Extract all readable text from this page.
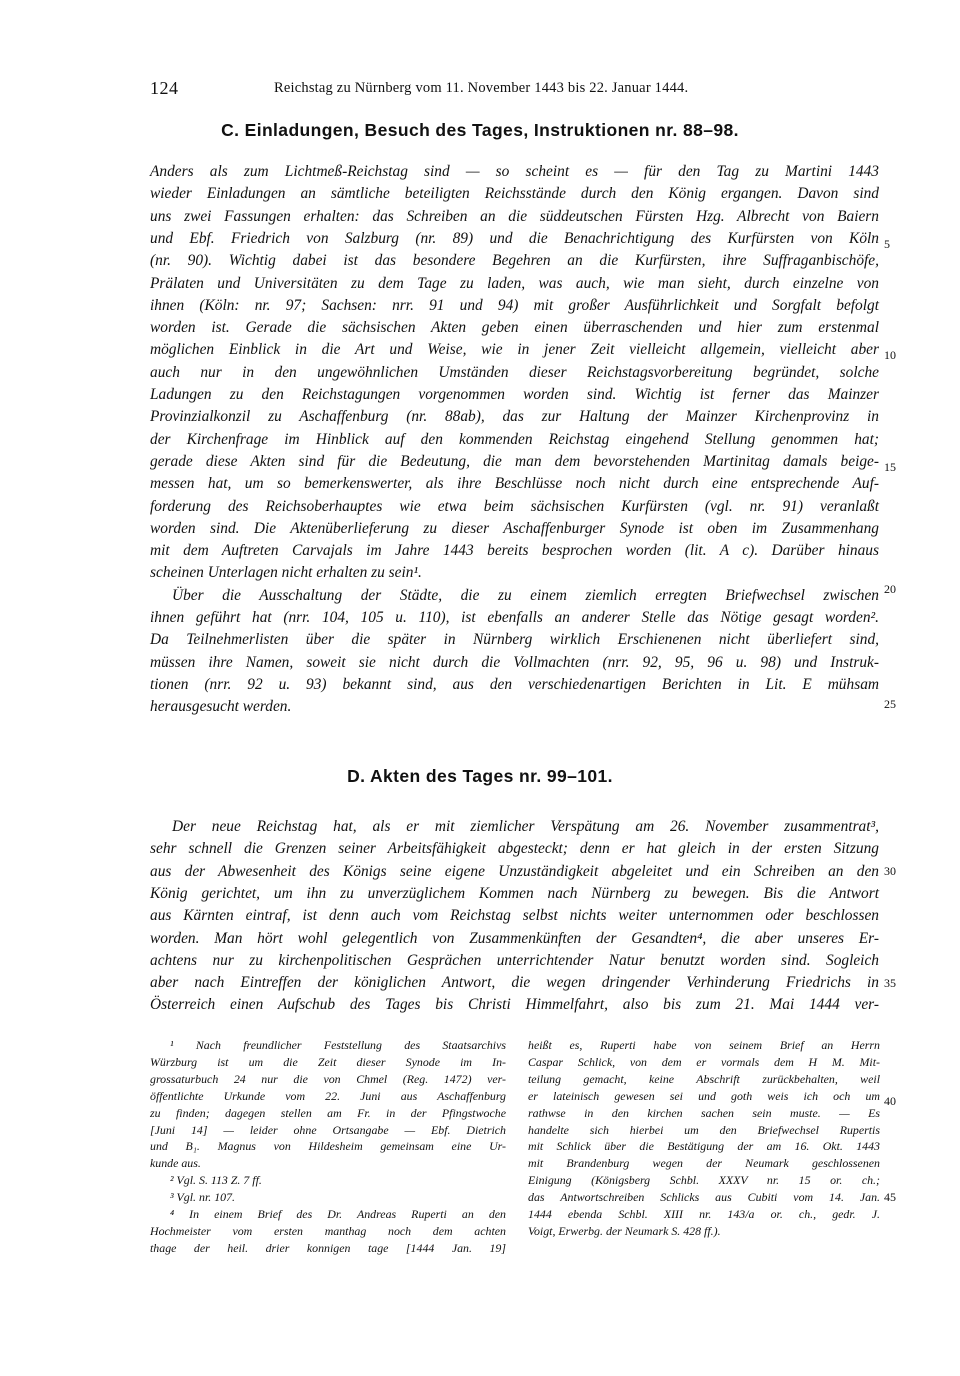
124	Reichstag zu Nürnberg vom 11. November 1443 bis 22. Januar 1444.
C. Einladungen, Besuch des Tages, Instruktionen nr. 88–98.
Anders als zum Lichtmeß-Reichstag sind — so scheint es — für den Tag zu Martini 1443
wieder Einladungen an sämtliche beteiligten Reichsstände durch den König ergangen. Davon sind
uns zwei Fassungen erhalten: das Schreiben an die süddeutschen Fürsten Hzg. Albrecht von Baiern
und Ebf. Friedrich von Salzburg (nr. 89) und die Benachrichtigung des Kurfürsten von Köln
(nr. 90). Wichtig dabei ist das besondere Begehren an die Kurfürsten, ihre Suffraganbischöfe,
Prälaten und Universitäten zu dem Tage zu laden, was auch, wie man sieht, durch einzelne von
ihnen (Köln: nr. 97; Sachsen: nrr. 91 und 94) mit großer Ausführlichkeit und Sorgfalt befolgt
worden ist. Gerade die sächsischen Akten geben einen überraschenden und hier zum erstenmal
möglichen Einblick in die Art und Weise, wie in jener Zeit vielleicht allgemein, vielleicht aber
auch nur in den ungewöhnlichen Umständen dieser Reichstagsvorbereitung begründet, solche
Ladungen zu den Reichstagungen vorgenommen worden sind. Wichtig ist ferner das Mainzer
Provinzialkonzil zu Aschaffenburg (nr. 88ab), das zur Haltung der Mainzer Kirchenprovinz in
der Kirchenfrage im Hinblick auf den kommenden Reichstag eingehend Stellung genommen hat;
gerade diese Akten sind für die Bedeutung, die man dem bevorstehenden Martinitag damals beige-
messen hat, um so bemerkenswerter, als ihre Beschlüsse noch nicht durch eine entsprechende Auf-
forderung des Reichsoberhauptes wie etwa beim sächsischen Kurfürsten (vgl. nr. 91) veranlaßt
worden sind. Die Aktenüberlieferung zu dieser Aschaffenburger Synode ist oben im Zusammenhang
mit dem Auftreten Carvajals im Jahre 1443 bereits besprochen worden (lit. A c). Darüber hinaus
scheinen Unterlagen nicht erhalten zu sein¹.
Über die Ausschaltung der Städte, die zu einem ziemlich erregten Briefwechsel zwischen
ihnen geführt hat (nrr. 104, 105 u. 110), ist ebenfalls an anderer Stelle das Nötige gesagt worden².
Da Teilnehmerlisten über die später in Nürnberg wirklich Erschienenen nicht überliefert sind,
müssen ihre Namen, soweit sie nicht durch die Vollmachten (nrr. 92, 95, 96 u. 98) und Instruk-
tionen (nrr. 92 u. 93) bekannt sind, aus den verschiedenartigen Berichten in Lit. E mühsam
herausgesucht werden.
D. Akten des Tages nr. 99–101.
Der neue Reichstag hat, als er mit ziemlicher Verspätung am 26. November zusammentrat³,
sehr schnell die Grenzen seiner Arbeitsfähigkeit abgesteckt; denn er hat gleich in der ersten Sitzung
aus der Abwesenheit des Königs seine eigene Unzuständigkeit abgeleitet und ein Schreiben an den
König gerichtet, um ihn zu unverzüglichem Kommen nach Nürnberg zu bewegen. Bis die Antwort
aus Kärnten eintraf, ist denn auch vom Reichstag selbst nichts weiter unternommen oder beschlossen
worden. Man hört wohl gelegentlich von Zusammenkünften der Gesandten⁴, die aber unseres Er-
achtens nur zu kirchenpolitischen Gesprächen unterrichtender Natur benutzt worden sind. Sogleich
aber nach Eintreffen der königlichen Antwort, die wegen dringender Verhinderung Friedrichs in
Österreich einen Aufschub des Tages bis Christi Himmelfahrt, also bis zum 21. Mai 1444 ver-
5
10
15
20
25
30
35
40
45
¹ Nach freundlicher Feststellung des Staatsarchivs
Würzburg ist um die Zeit dieser Synode im In-
grossaturbuch 24 nur die von Chmel (Reg. 1472) ver-
öffentlichte Urkunde vom 22. Juni aus Aschaffenburg
zu finden; dagegen stellen am Fr. in der Pfingstwoche
[Juni 14] — leider ohne Ortsangabe — Ebf. Dietrich
und B₁. Magnus von Hildesheim gemeinsam eine Ur-
kunde aus.
² Vgl. S. 113 Z. 7 ff.
³ Vgl. nr. 107.
⁴ In einem Brief des Dr. Andreas Ruperti an den
Hochmeister vom ersten manthag noch dem achten
thage der heil. drier konnigen tage [1444 Jan. 19]
heißt es, Ruperti habe von seinem Brief an Herrn
Caspar Schlick, von dem er vormals dem H M. Mit-
teilung gemacht, keine Abschrift zurückbehalten, weil
er lateinisch gewesen sei und goth weis ich och um
rathwse in den kirchen sachen sein muste. — Es
handelte sich hierbei um den Briefwechsel Rupertis
mit Schlick über die Bestätigung der am 16. Okt. 1443
mit Brandenburg wegen der Neumark geschlossenen
Einigung (Königsberg Schbl. XXXV nr. 15 or. ch.;
das Antwortschreiben Schlicks aus Cubiti vom 14. Jan.
1444 ebenda Schbl. XIII nr. 143/a or. ch., gedr. J.
Voigt, Erwerbg. der Neumark S. 428 ff.).
